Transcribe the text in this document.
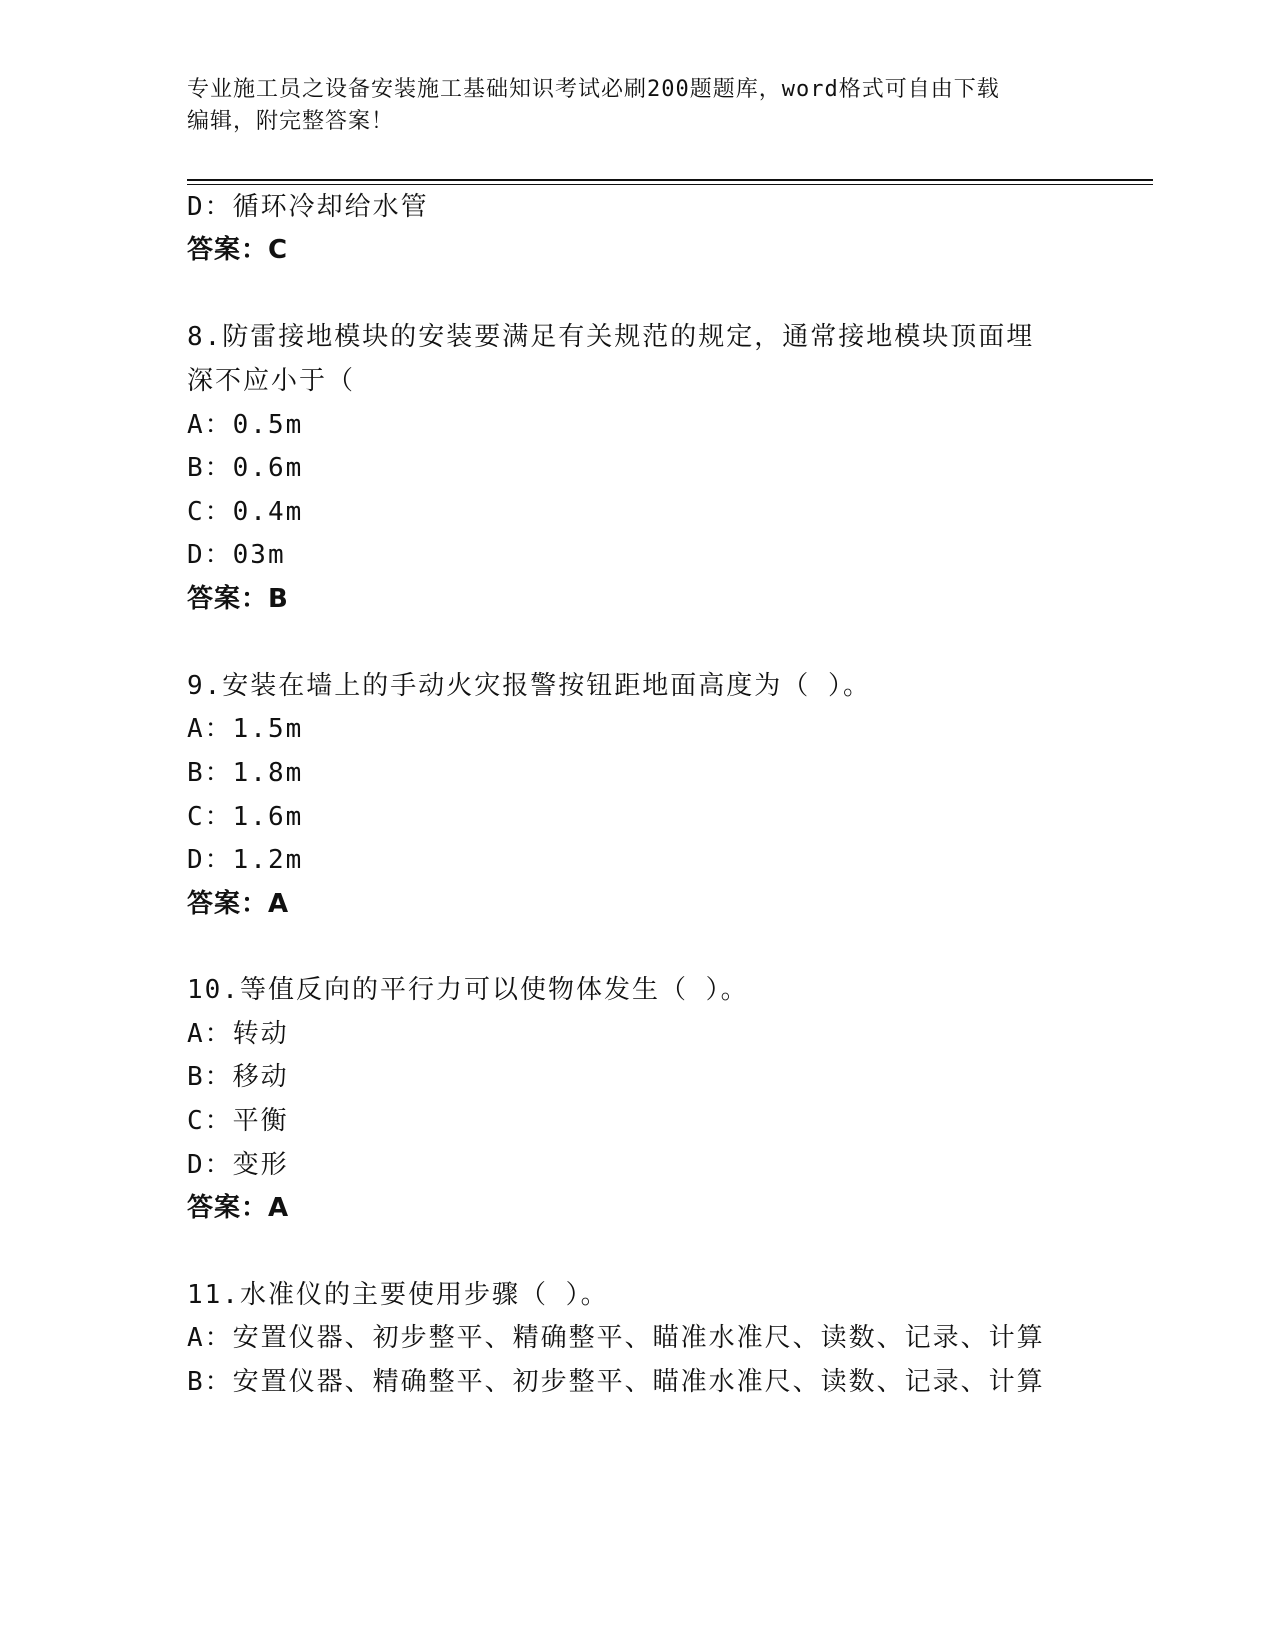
专业施工员之设备安装施工基础知识考试必刷200题题库，word格式可自由下载
编辑，附完整答案！
D：循环冷却给水管
答案：C
8.防雷接地模块的安装要满足有关规范的规定，通常接地模块顶面埋
深不应小于（
A：0.5m
B：0.6m
C：0.4m
D：03m
答案：B
9.安装在墙上的手动火灾报警按钮距地面高度为（ ）。
A：1.5m
B：1.8m
C：1.6m
D：1.2m
答案：A
10.等值反向的平行力可以使物体发生（ ）。
A：转动
B：移动
C：平衡
D：变形
答案：A
11.水准仪的主要使用步骤（ ）。
A：安置仪器、初步整平、精确整平、瞄准水准尺、读数、记录、计算
B：安置仪器、精确整平、初步整平、瞄准水准尺、读数、记录、计算
